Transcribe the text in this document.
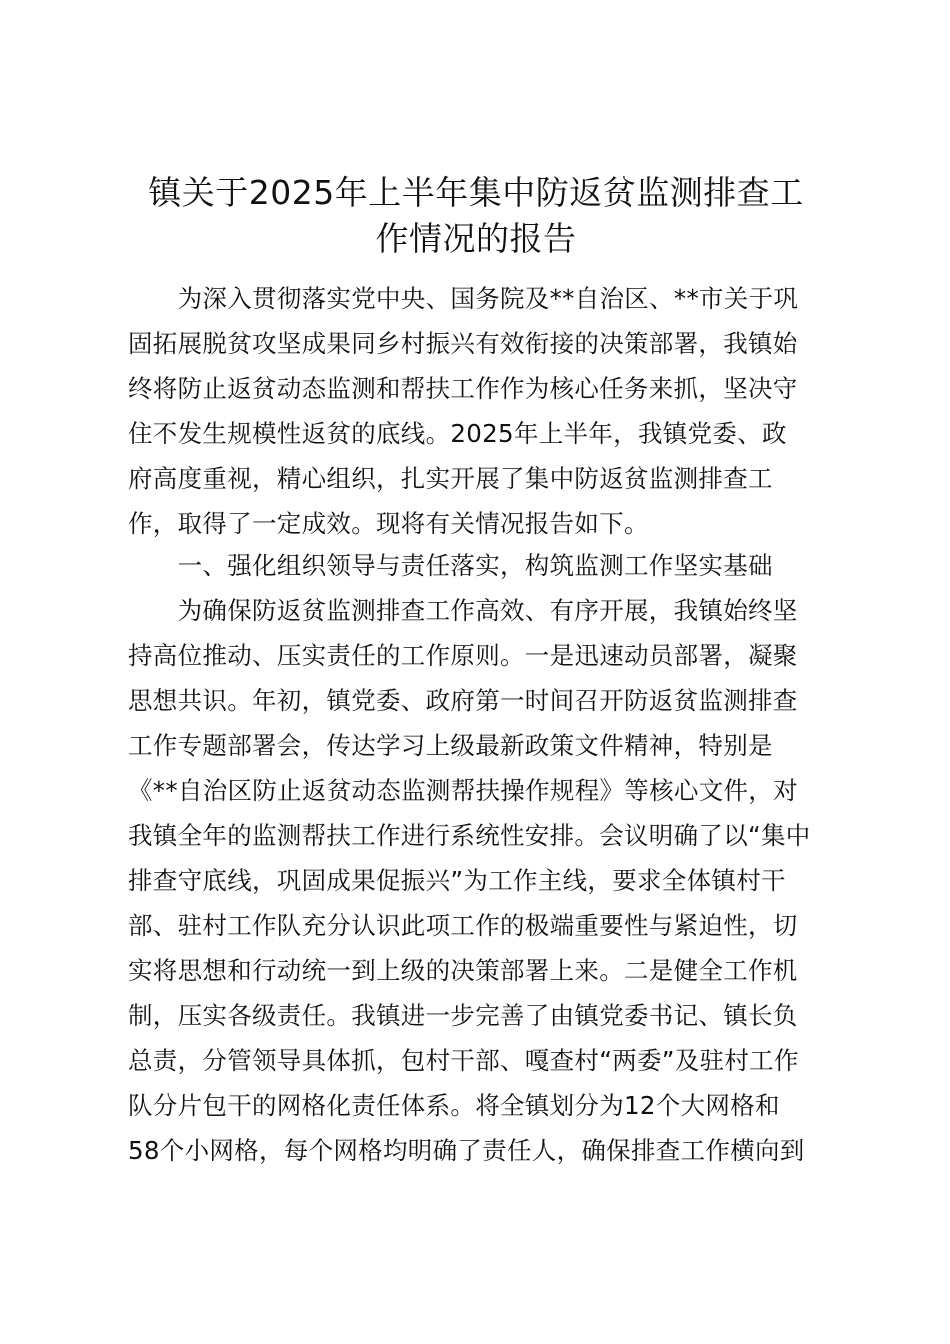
镇关于2025年上半年集中防返贫监测排查工
作情况的报告
　　为深入贯彻落实党中央、国务院及**自治区、**市关于巩
固拓展脱贫攻坚成果同乡村振兴有效衔接的决策部署，我镇始
终将防止返贫动态监测和帮扶工作作为核心任务来抓，坚决守
住不发生规模性返贫的底线。2025年上半年，我镇党委、政
府高度重视，精心组织，扎实开展了集中防返贫监测排查工
作，取得了一定成效。现将有关情况报告如下。
　　一、强化组织领导与责任落实，构筑监测工作坚实基础
　　为确保防返贫监测排查工作高效、有序开展，我镇始终坚
持高位推动、压实责任的工作原则。一是迅速动员部署，凝聚
思想共识。年初，镇党委、政府第一时间召开防返贫监测排查
工作专题部署会，传达学习上级最新政策文件精神，特别是
《**自治区防止返贫动态监测帮扶操作规程》等核心文件，对
我镇全年的监测帮扶工作进行系统性安排。会议明确了以“集中
排查守底线，巩固成果促振兴”为工作主线，要求全体镇村干
部、驻村工作队充分认识此项工作的极端重要性与紧迫性，切
实将思想和行动统一到上级的决策部署上来。二是健全工作机
制，压实各级责任。我镇进一步完善了由镇党委书记、镇长负
总责，分管领导具体抓，包村干部、嘎查村“两委”及驻村工作
队分片包干的网格化责任体系。将全镇划分为12个大网格和
58个小网格，每个网格均明确了责任人，确保排查工作横向到
